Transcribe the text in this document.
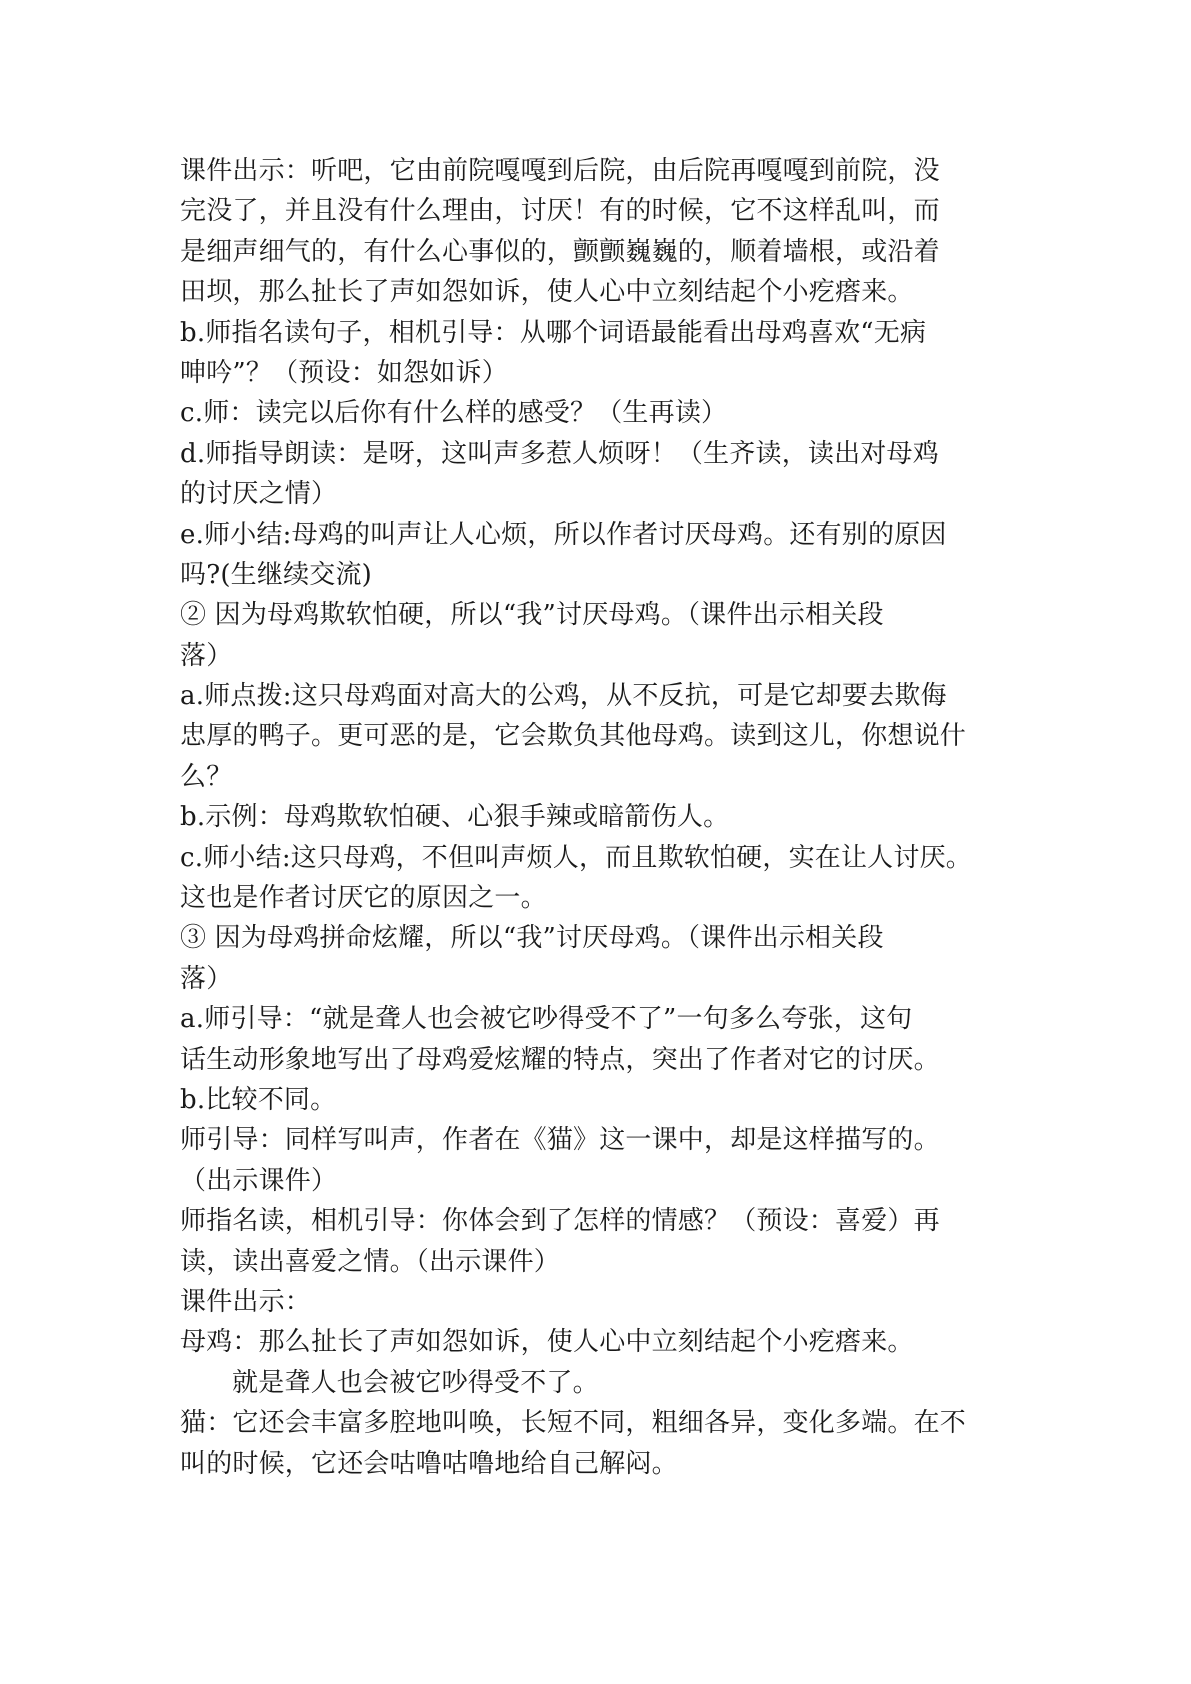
课件出示：听吧，它由前院嘎嘎到后院，由后院再嘎嘎到前院，没
完没了，并且没有什么理由，讨厌！有的时候，它不这样乱叫，而
是细声细气的，有什么心事似的，颤颤巍巍的，顺着墙根，或沿着
田坝，那么扯长了声如怨如诉，使人心中立刻结起个小疙瘩来。
b.师指名读句子，相机引导：从哪个词语最能看出母鸡喜欢“无病
呻吟”？（预设：如怨如诉）
c.师：读完以后你有什么样的感受？（生再读）
d.师指导朗读：是呀，这叫声多惹人烦呀！（生齐读，读出对母鸡
的讨厌之情）
e.师小结:母鸡的叫声让人心烦，所以作者讨厌母鸡。还有别的原因
吗?(生继续交流)
② 因为母鸡欺软怕硬，所以“我”讨厌母鸡。（课件出示相关段
落）
a.师点拨:这只母鸡面对高大的公鸡，从不反抗，可是它却要去欺侮
忠厚的鸭子。更可恶的是，它会欺负其他母鸡。读到这儿，你想说什
么？
b.示例：母鸡欺软怕硬、心狠手辣或暗箭伤人。
c.师小结:这只母鸡，不但叫声烦人，而且欺软怕硬，实在让人讨厌。
这也是作者讨厌它的原因之一。
③ 因为母鸡拼命炫耀，所以“我”讨厌母鸡。（课件出示相关段
落）
a.师引导：“就是聋人也会被它吵得受不了”一句多么夸张，这句
话生动形象地写出了母鸡爱炫耀的特点，突出了作者对它的讨厌。
b.比较不同。
师引导：同样写叫声，作者在《猫》这一课中，却是这样描写的。
（出示课件）
师指名读，相机引导：你体会到了怎样的情感？（预设：喜爱）再
读，读出喜爱之情。（出示课件）
课件出示：
母鸡：那么扯长了声如怨如诉，使人心中立刻结起个小疙瘩来。
就是聋人也会被它吵得受不了。
猫：它还会丰富多腔地叫唤，长短不同，粗细各异，变化多端。在不
叫的时候，它还会咕噜咕噜地给自己解闷。
